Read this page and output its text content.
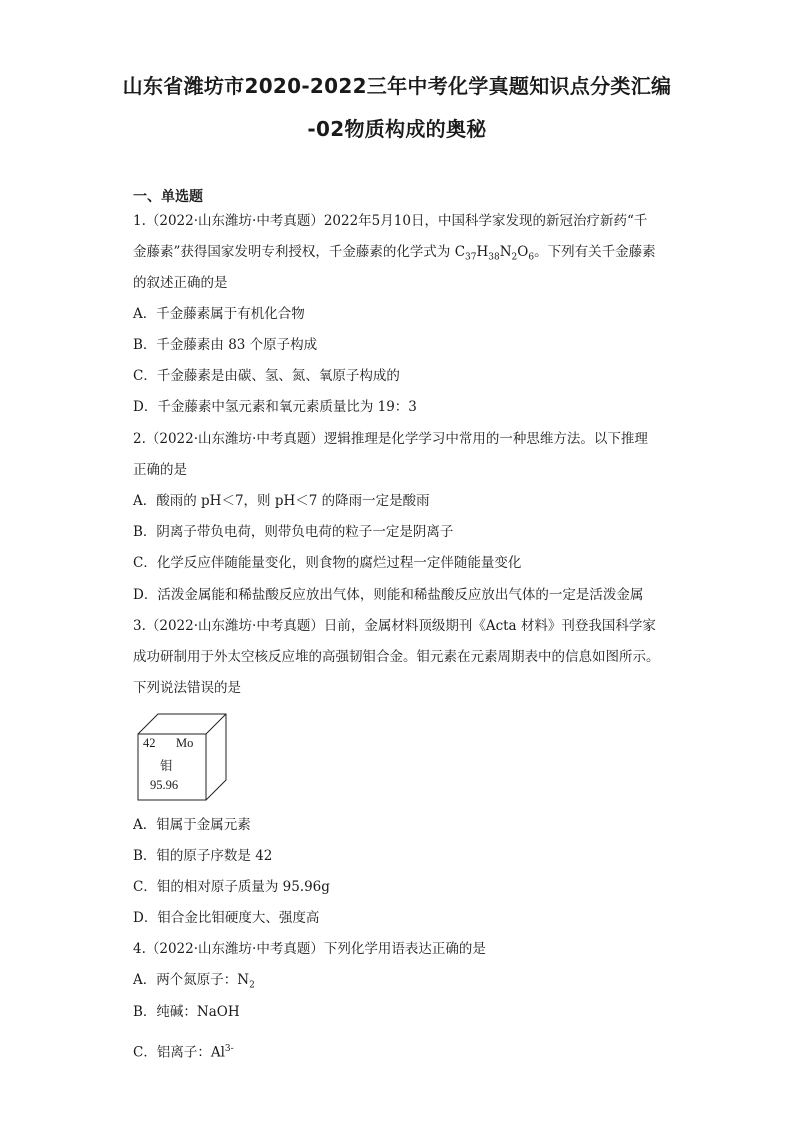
山东省潍坊市2020-2022三年中考化学真题知识点分类汇编
-02物质构成的奥秘
一、单选题
1.（2022·山东潍坊·中考真题）2022年5月10日，中国科学家发现的新冠治疗新药“千
金藤素”获得国家发明专利授权，千金藤素的化学式为 $C_{37}H_{38}N_2O_6$。下列有关千金藤素
的叙述正确的是
A．千金藤素属于有机化合物
B．千金藤素由 83 个原子构成
C．千金藤素是由碳、氢、氮、氧原子构成的
D．千金藤素中氢元素和氧元素质量比为 19：3
2.（2022·山东潍坊·中考真题）逻辑推理是化学学习中常用的一种思维方法。以下推理
正确的是
A．酸雨的 pH＜7，则 pH＜7 的降雨一定是酸雨
B．阴离子带负电荷，则带负电荷的粒子一定是阴离子
C．化学反应伴随能量变化，则食物的腐烂过程一定伴随能量变化
D．活泼金属能和稀盐酸反应放出气体，则能和稀盐酸反应放出气体的一定是活泼金属
3.（2022·山东潍坊·中考真题）日前，金属材料顶级期刊《Acta 材料》刊登我国科学家
成功研制用于外太空核反应堆的高强韧钼合金。钼元素在元素周期表中的信息如图所示。
下列说法错误的是
42 Mo
钼
95.96
A．钼属于金属元素
B．钼的原子序数是 42
C．钼的相对原子质量为 95.96g
D．钼合金比钼硬度大、强度高
4.（2022·山东潍坊·中考真题）下列化学用语表达正确的是
A．两个氮原子：$N_2$
B．纯碱：NaOH
C．铝离子：$Al^{3-}$
